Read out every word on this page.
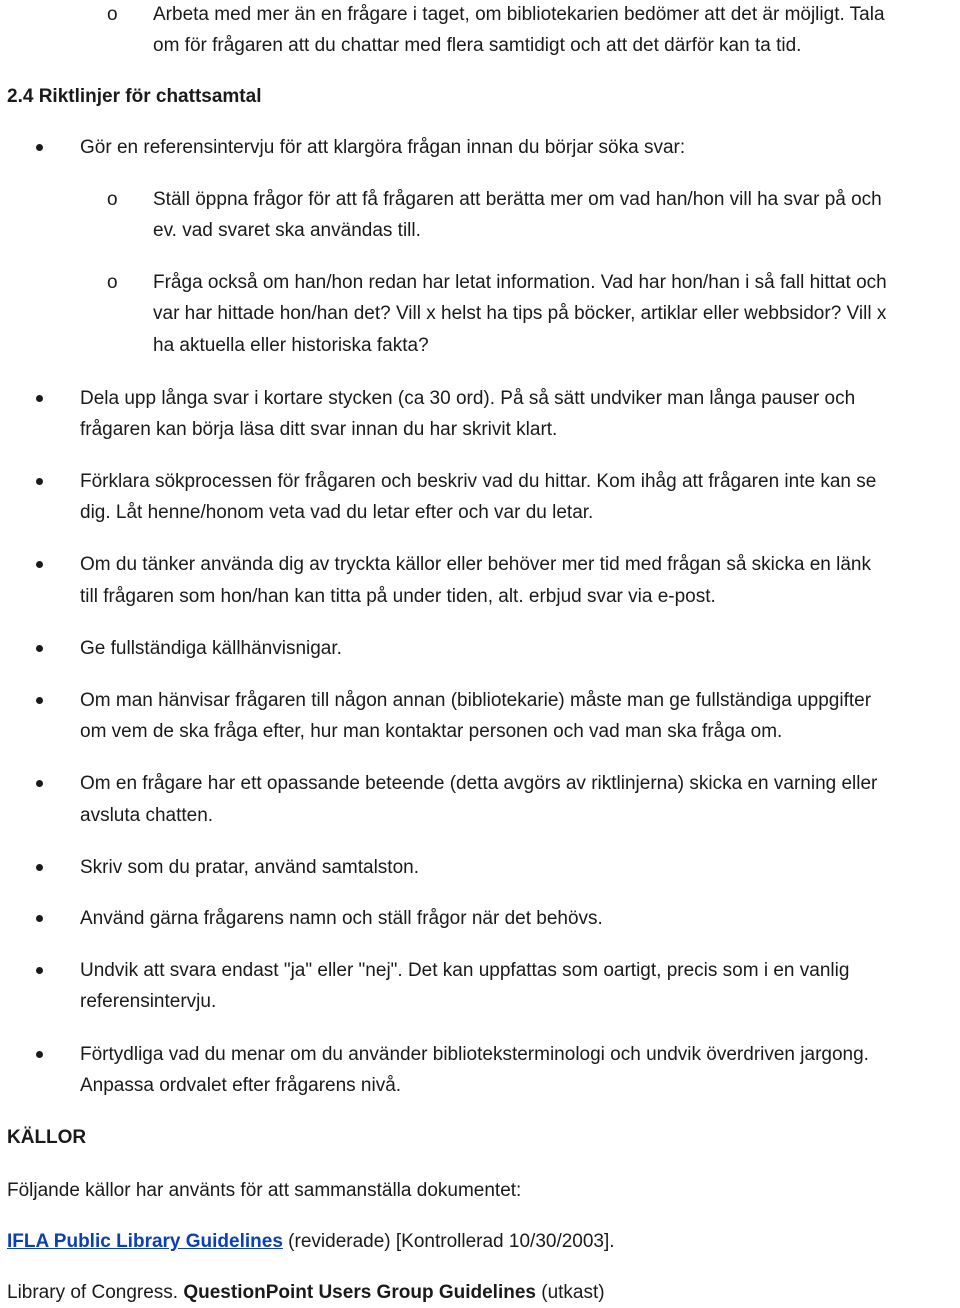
o Arbeta med mer än en frågare i taget, om bibliotekarien bedömer att det är möjligt. Tala
om för frågaren att du chattar med flera samtidigt och att det därför kan ta tid.
2.4 Riktlinjer för chattsamtal
Gör en referensintervju för att klargöra frågan innan du börjar söka svar:
o Ställ öppna frågor för att få frågaren att berätta mer om vad han/hon vill ha svar på och
ev. vad svaret ska användas till.
o Fråga också om han/hon redan har letat information. Vad har hon/han i så fall hittat och
var har hittade hon/han det? Vill x helst ha tips på böcker, artiklar eller webbsidor? Vill x
ha aktuella eller historiska fakta?
Dela upp långa svar i kortare stycken (ca 30 ord). På så sätt undviker man långa pauser och
frågaren kan börja läsa ditt svar innan du har skrivit klart.
Förklara sökprocessen för frågaren och beskriv vad du hittar. Kom ihåg att frågaren inte kan se
dig. Låt henne/honom veta vad du letar efter och var du letar.
Om du tänker använda dig av tryckta källor eller behöver mer tid med frågan så skicka en länk
till frågaren som hon/han kan titta på under tiden, alt. erbjud svar via e-post.
Ge fullständiga källhänvisnigar.
Om man hänvisar frågaren till någon annan (bibliotekarie) måste man ge fullständiga uppgifter
om vem de ska fråga efter, hur man kontaktar personen och vad man ska fråga om.
Om en frågare har ett opassande beteende (detta avgörs av riktlinjerna) skicka en varning eller
avsluta chatten.
Skriv som du pratar, använd samtalston.
Använd gärna frågarens namn och ställ frågor när det behövs.
Undvik att svara endast "ja" eller "nej". Det kan uppfattas som oartigt, precis som i en vanlig
referensintervju.
Förtydliga vad du menar om du använder biblioteksterminologi och undvik överdriven jargong.
Anpassa ordvalet efter frågarens nivå.
KÄLLOR
Följande källor har använts för att sammanställa dokumentet:
IFLA Public Library Guidelines (reviderade) [Kontrollerad 10/30/2003].
Library of Congress. QuestionPoint Users Group Guidelines (utkast)
